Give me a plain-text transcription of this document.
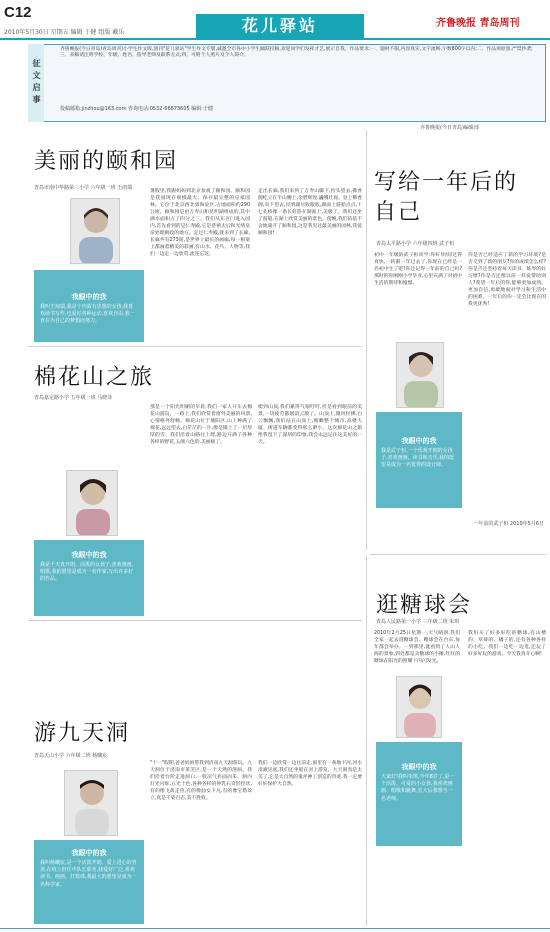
C12
2010年5月30日 星期五 编辑 于健 组版 戴乐	花儿驿站	齐鲁晚报 青岛周刊
征文启事
齐鲁晚报(今日青岛)青岛周刊)小学生作文版,创刊"花儿驿站"学生作文专版,诚邀全市各中小学生踊跃投稿,欢迎同学们发挥才艺,展示自我。作品要求:一、题材不限,内容真实,文字流畅,字数800字以内;二、作品须原创,严禁抄袭;三、来稿请注明学校、年级、姓名、指导老师及联系方式;四、可附个人照片及个人简介。
投稿邮箱:jinzhou@163.com 咨询电话:0532-66873605 编辑:于健
齐鲁晚报(今日青岛)编辑部
美丽的颐和园
青岛市南中华路第三小学 六年级一班 王雨瑞
我眼中的我
我叫王琼瑞,我是个内敛有思想的女孩,我喜欢读书写作,也爱好各种运动,喜欢自由,我一直在为自己的梦想而努力。
暑假里,我跟妈妈到北京参观了颐和园。颐和园是我国现存规模最大、保存最完整的皇家园林。它位于北京西北郊海淀区,占地面积约290公顷。颐和园是由万寿山和昆明湖组成的,其中湖水面积占了四分之三。我们从东宫门进入园内,首先看到的是仁寿殿,它是慈禧太后和光绪皇帝处理朝政的地方。走过仁寿殿,就来到了长廊,长廊共有273间,是世界上最长的画廊,每一根梁上都画着精美的彩画,有山水、花鸟、人物等,我们一边走一边欣赏,流连忘返。
走出长廊,我们来到了万寿山脚下,抬头望去,佛香阁屹立在半山腰上,金碧辉煌,巍峨壮观。登上佛香阁,向下望去,昆明湖尽收眼底,湖面上游船点点,十七孔桥像一条长虹卧在湖面上,美极了。我们还坐了游船,在湖上欣赏美丽的景色。傍晚,我们依依不舍地离开了颐和园,这是我见过最美丽的园林,我爱颐和园!
写给一年后的自己
青岛太平路小学 六年级四班 武子桓
初中一年级的武子桓同学:你好!时间过得真快,一转眼一年过去了,你现在已经是一名初中生了吧!你还记得一年前的自己吗?那时的你刚刚小学毕业,心里充满了对初中生活的期待和憧憬。
我眼中的我
我是武子桓,一个乐观开朗的女孩子,喜欢画画、读书和音乐,我的愿望是成为一名优秀的设计师。
你是否已经适应了新的学习环境?是否交到了新的朋友?你的成绩怎么样?你是否还坚持着每天读书、练琴的好习惯?你是否还像以前一样爱帮助别人?希望一年后的你,能够更加成熟、更加自信,勇敢地面对学习和生活中的困难。一年后的你一定会比现在的我更优秀!
一年前的武子桓 2010年5月6日
棉花山之旅
青岛嘉定路小学 五年级一班 马晓菲
我眼中的我
我是个天真开朗、活泼的女孩子,喜欢画画、唱歌,我的愿望是成为一名作家,写出许多好的作品。
那是一个阳光明媚的早晨,我们一家人开车去棉花山游玩。一路上,我们欣赏着窗外美丽的风景,心情格外舒畅。棉花山位于城阳区,山上种满了棉花,远远望去,白茫茫的一片,像是铺上了一层厚厚的雪。我们沿着山路往上爬,路边开满了各种各样的野花,五颜六色的,美丽极了。
爬到山顶,我们累得气喘吁吁,但是看到眼前的美景,一切疲劳都烟消云散了。山顶上,微风轻拂,白云飘飘,我们站在山顶上,俯瞰整个城市,高楼大厦、街道车辆都变得那么渺小。这次棉花山之旅给我留下了深刻的印象,我会永远记住这美好的一天。
逛糖球会
青岛人民路第一小学 三年级二班 朱琪
2010年2月25日星期一,天气晴朗,我们全家一起去逛糖球会。糖球会在台东,每年都会举办。一到那里,就看到了人山人海的景象,到处都是卖糖球的小摊,红红的糖球在阳光的照耀下闪闪发光。
我眼中的我
大家好!我叫朱琪,今年8岁了,是一个活泼、可爱的小女孩,我喜欢画画、唱歌和跳舞,长大后我想当一名老师。
我们买了好多好吃的糖球,有山楂的、草莓的、橘子的,还有各种各样的小吃。我们一边吃一边逛,还玩了好多好玩的游戏。今天我真开心啊!
游九天洞
青岛天山小学 六年级二班 杨曦宸
我眼中的我
我叫杨曦宸,是一个活泼开朗、爱上进心的男孩,在班上担任中队长职务,我爱好广泛,喜欢读书、画画、打篮球,我最大的愿望是成为一名科学家。
"十一"假期,爸爸妈妈带我到济南九天洞游玩。九天洞位于济南市莱芜区,是一个天然的溶洞。我们沿着台阶走进洞口,一股凉气扑面而来。洞内灯光闪烁,五光十色,各种各样的钟乳石奇形怪状,有的像飞禽走兽,有的像仙女下凡,有的像宝塔耸立,真是千姿百态,美不胜收。
我们一边欣赏一边往前走,洞里有一条地下河,河水清澈见底,我们还坐船在河上游览。九天洞真是太美了,它是大自然的鬼斧神工创造的奇迹,我一定要好好保护大自然。
